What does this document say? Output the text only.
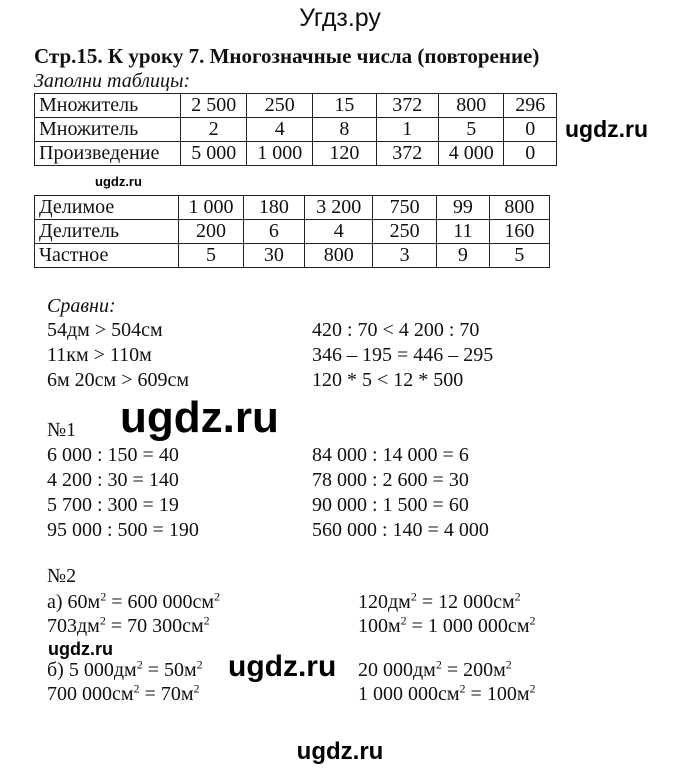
Угдз.ру
Стр.15. К уроку 7. Многозначные числа (повторение)
Заполни таблицы:
Множитель	2 500	250	15	372	800	296
Множитель	2	4	8	1	5	0
Произведение	5 000	1 000	120	372	4 000	0
Делимое	1 000	180	3 200	750	99	800
Делитель	200	6	4	250	11	160
Частное	5	30	800	3	9	5
ugdz.ru
ugdz.ru
Сравни:
54дм > 504см	420 : 70 < 4 200 : 70
11км > 110м	346 – 195 = 446 – 295
6м 20см > 609см	120 * 5 < 12 * 500
ugdz.ru
№1
6 000 : 150 = 40	84 000 : 14 000 = 6
4 200 : 30 = 140	78 000 : 2 600 = 30
5 700 : 300 = 19	90 000 : 1 500 = 60
95 000 : 500 = 190	560 000 : 140 = 4 000
№2
а) $60м^2 = 600$ $000см^2$
$703дм^2 = 70$ $300см^2$
$120дм^2 = 12$ $000см^2$
$100м^2 = 1$ 000 $000см^2$
б) 5 $000дм^2 = 50м^2$
700 $000см^2 = 70м^2$
20 $000дм^2 = 200м^2$
1 000 $000см^2 = 100м^2$
ugdz.ru
ugdz.ru
ugdz.ru
